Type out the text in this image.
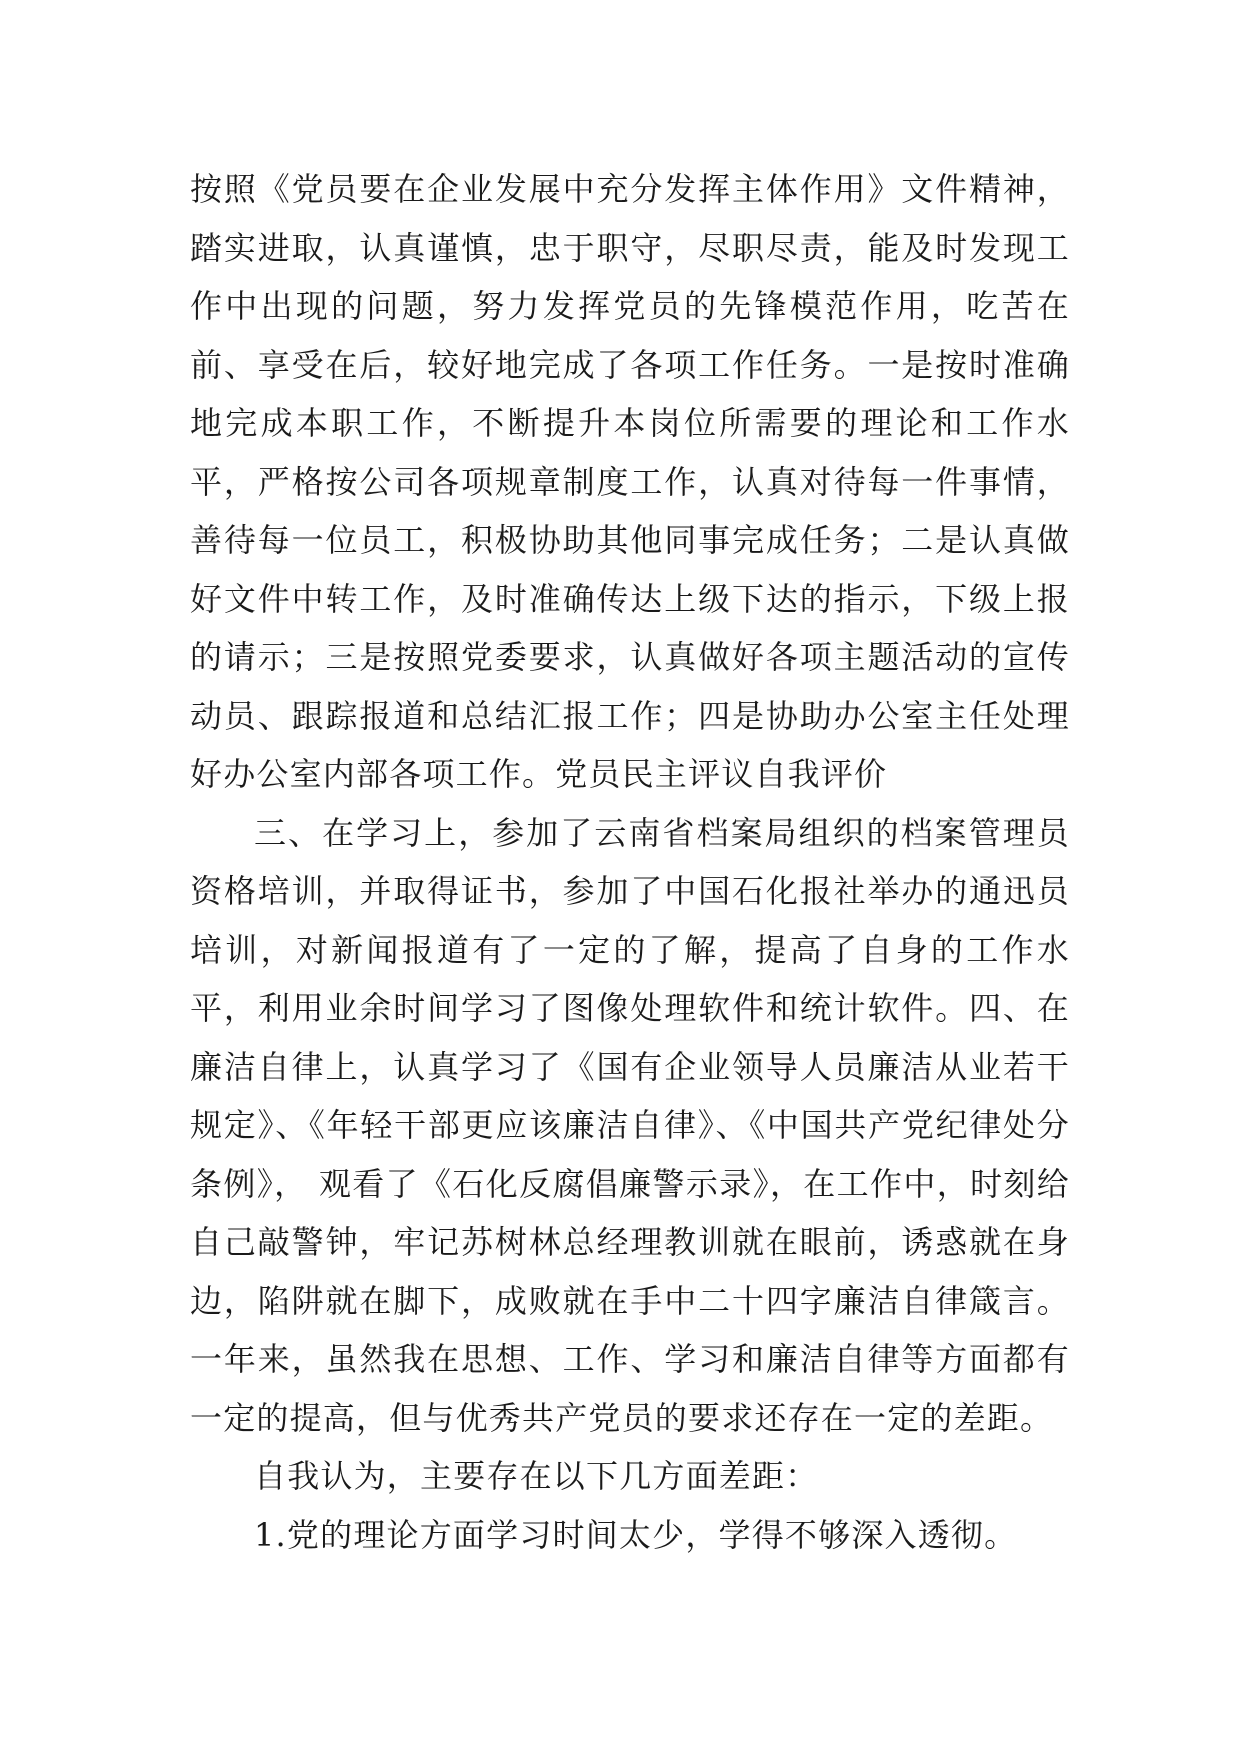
按照《党员要在企业发展中充分发挥主体作用》文件精神，踏实进取，认真谨慎，忠于职守，尽职尽责，能及时发现工作中出现的问题，努力发挥党员的先锋模范作用，吃苦在前、享受在后，较好地完成了各项工作任务。一是按时准确地完成本职工作，不断提升本岗位所需要的理论和工作水平，严格按公司各项规章制度工作，认真对待每一件事情，善待每一位员工，积极协助其他同事完成任务；二是认真做好文件中转工作，及时准确传达上级下达的指示，下级上报的请示；三是按照党委要求，认真做好各项主题活动的宣传动员、跟踪报道和总结汇报工作；四是协助办公室主任处理好办公室内部各项工作。党员民主评议自我评价

三、在学习上，参加了云南省档案局组织的档案管理员资格培训，并取得证书，参加了中国石化报社举办的通迅员培训，对新闻报道有了一定的了解，提高了自身的工作水平，利用业余时间学习了图像处理软件和统计软件。四、在廉洁自律上，认真学习了《国有企业领导人员廉洁从业若干规定》、《年轻干部更应该廉洁自律》、《中国共产党纪律处分条例》， 观看了《石化反腐倡廉警示录》，在工作中，时刻给自己敲警钟，牢记苏树林总经理教训就在眼前，诱惑就在身边，陷阱就在脚下，成败就在手中二十四字廉洁自律箴言。一年来，虽然我在思想、工作、学习和廉洁自律等方面都有一定的提高，但与优秀共产党员的要求还存在一定的差距。

自我认为，主要存在以下几方面差距：

1.党的理论方面学习时间太少，学得不够深入透彻。
